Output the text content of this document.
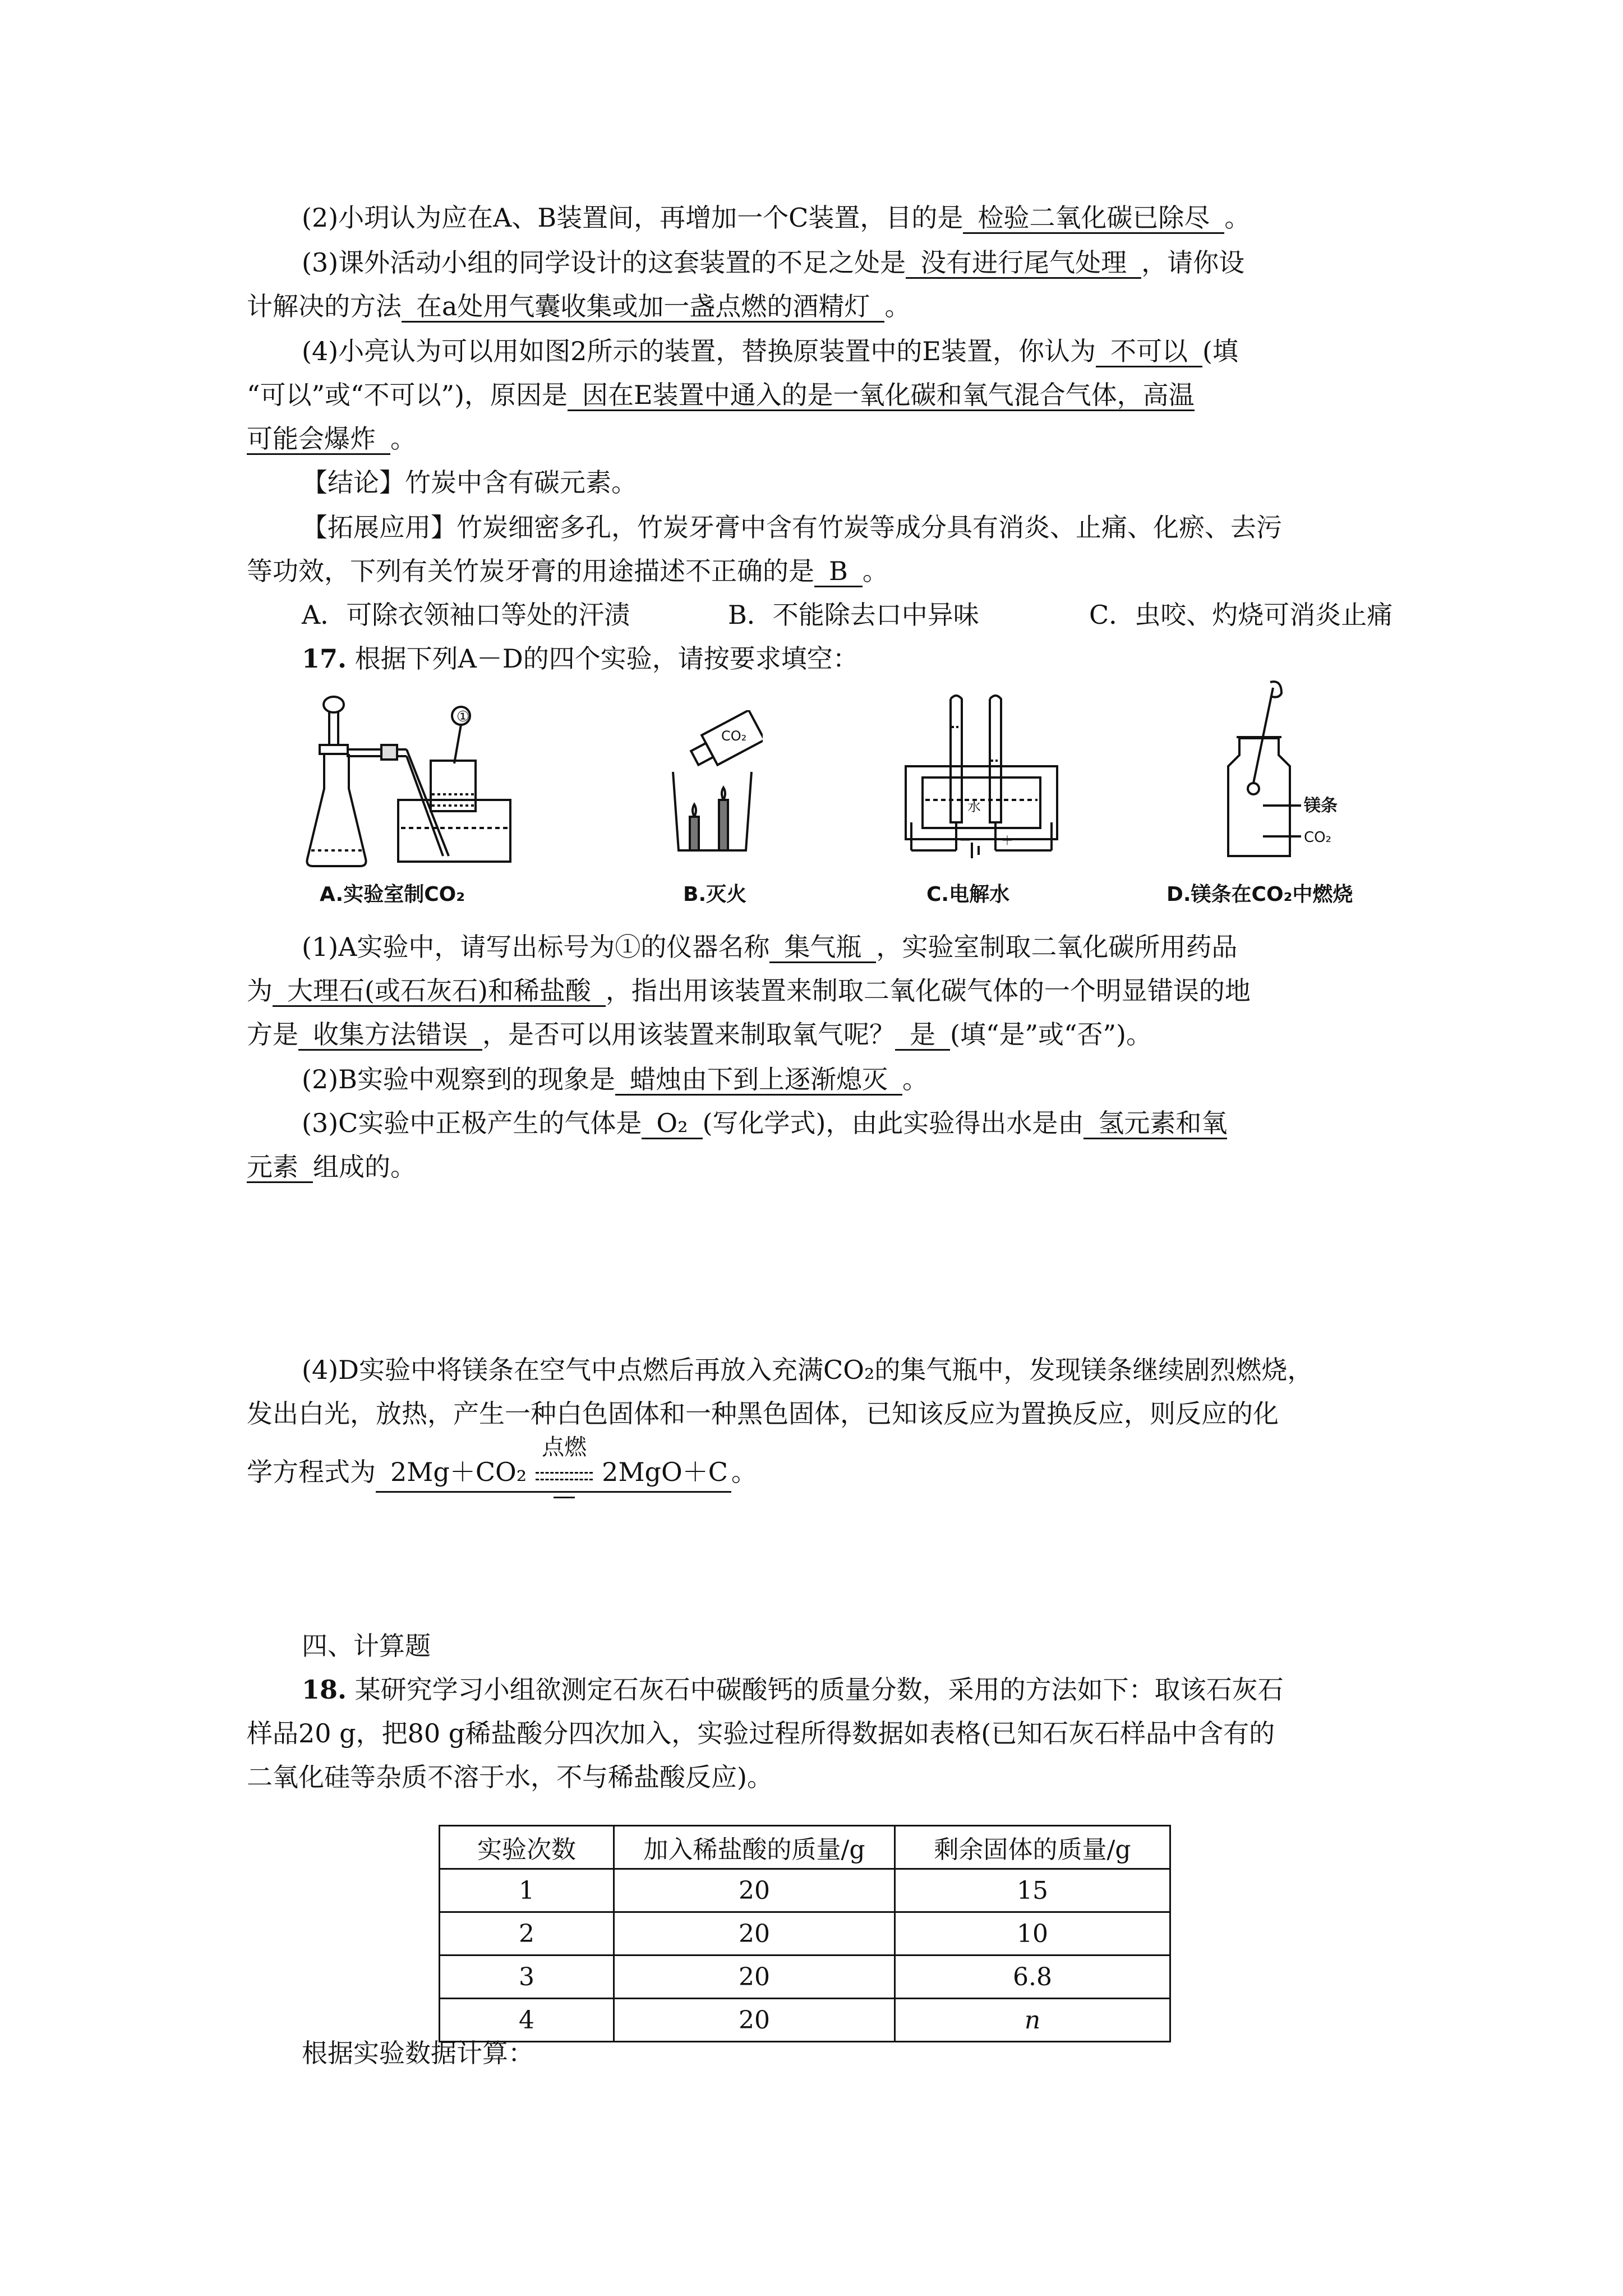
(2)小玥认为应在A、B装置间，再增加一个C装置，目的是 检验二氧化碳已除尽 。
(3)课外活动小组的同学设计的这套装置的不足之处是 没有进行尾气处理 ，请你设
计解决的方法 在a处用气囊收集或加一盏点燃的酒精灯 。
(4)小亮认为可以用如图2所示的装置，替换原装置中的E装置，你认为 不可以 (填
“可以”或“不可以”)，原因是 因在E装置中通入的是一氧化碳和氧气混合气体，高温
可能会爆炸 。
【结论】竹炭中含有碳元素。
【拓展应用】竹炭细密多孔，竹炭牙膏中含有竹炭等成分具有消炎、止痛、化瘀、去污
等功效，下列有关竹炭牙膏的用途描述不正确的是 B 。
A．可除衣领袖口等处的汗渍	B．不能除去口中异味	C．虫咬、灼烧可消炎止痛
17. 根据下列A－D的四个实验，请按要求填空：
①
A.实验室制CO₂
CO₂
B.灭火
水
－ ＋
C.电解水
镁条
CO₂
D.镁条在CO₂中燃烧
(1)A实验中，请写出标号为①的仪器名称 集气瓶 ，实验室制取二氧化碳所用药品
为 大理石(或石灰石)和稀盐酸 ，指出用该装置来制取二氧化碳气体的一个明显错误的地
方是 收集方法错误 ，是否可以用该装置来制取氧气呢？ 是 (填“是”或“否”)。
(2)B实验中观察到的现象是 蜡烛由下到上逐渐熄灭 。
(3)C实验中正极产生的气体是 O₂ (写化学式)，由此实验得出水是由 氢元素和氧
元素 组成的。
(4)D实验中将镁条在空气中点燃后再放入充满CO₂的集气瓶中，发现镁条继续剧烈燃烧，
发出白光，放热，产生一种白色固体和一种黑色固体，已知该反应为置换反应，则反应的化
学方程式为 2Mg＋CO₂
点燃
2MgO＋C 。
四、计算题
18. 某研究学习小组欲测定石灰石中碳酸钙的质量分数，采用的方法如下：取该石灰石
样品20 g，把80 g稀盐酸分四次加入，实验过程所得数据如表格(已知石灰石样品中含有的
二氧化硅等杂质不溶于水，不与稀盐酸反应)。
实验次数	加入稀盐酸的质量/g	剩余固体的质量/g
1	20	15
2	20	10
3	20	6.8
4	20	n
根据实验数据计算：
